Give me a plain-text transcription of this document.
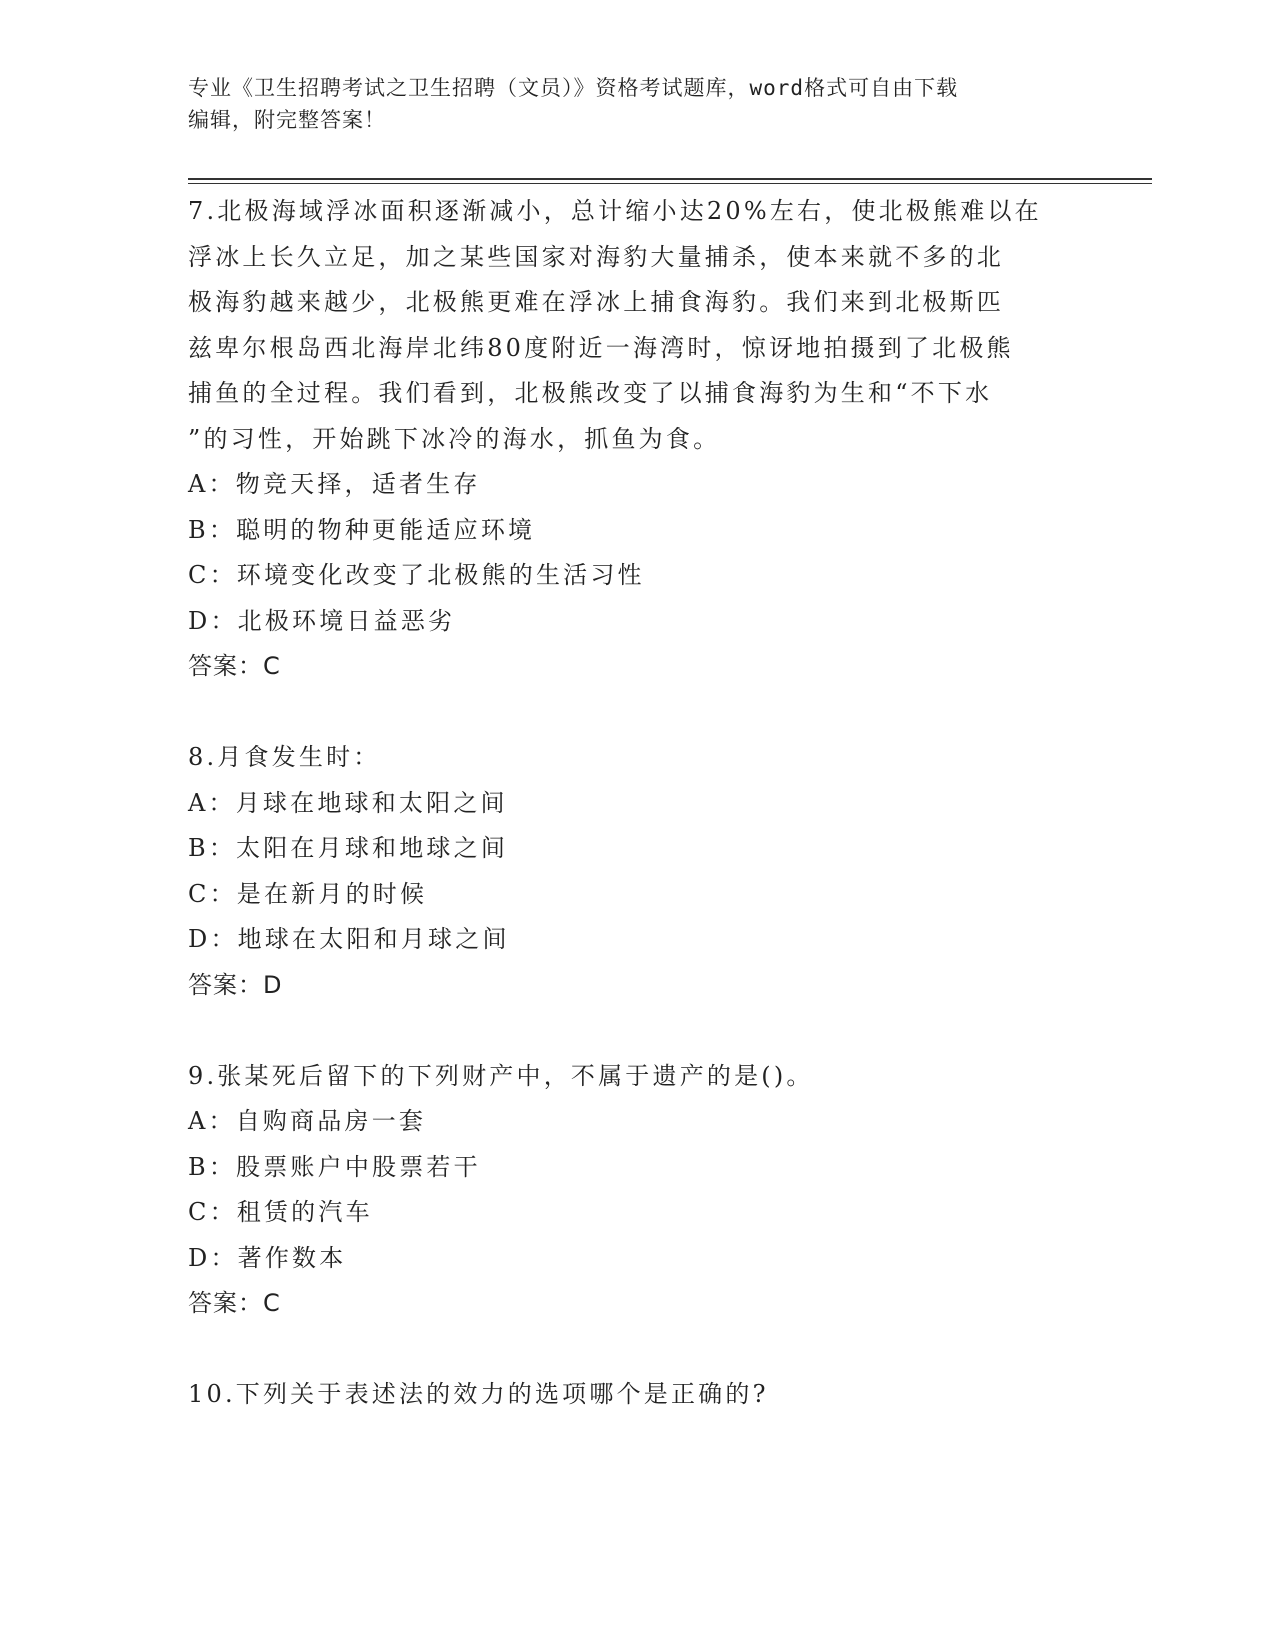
专业《卫生招聘考试之卫生招聘（文员）》资格考试题库，word格式可自由下载
编辑，附完整答案！
7.北极海域浮冰面积逐渐减小，总计缩小达20%左右，使北极熊难以在
浮冰上长久立足，加之某些国家对海豹大量捕杀，使本来就不多的北
极海豹越来越少，北极熊更难在浮冰上捕食海豹。我们来到北极斯匹
兹卑尔根岛西北海岸北纬80度附近一海湾时，惊讶地拍摄到了北极熊
捕鱼的全过程。我们看到，北极熊改变了以捕食海豹为生和“不下水
”的习性，开始跳下冰冷的海水，抓鱼为食。
A：物竞天择，适者生存
B：聪明的物种更能适应环境
C：环境变化改变了北极熊的生活习性
D：北极环境日益恶劣
答案：C
8.月食发生时：
A：月球在地球和太阳之间
B：太阳在月球和地球之间
C：是在新月的时候
D：地球在太阳和月球之间
答案：D
9.张某死后留下的下列财产中，不属于遗产的是()。
A：自购商品房一套
B：股票账户中股票若干
C：租赁的汽车
D：著作数本
答案：C
10.下列关于表述法的效力的选项哪个是正确的?
